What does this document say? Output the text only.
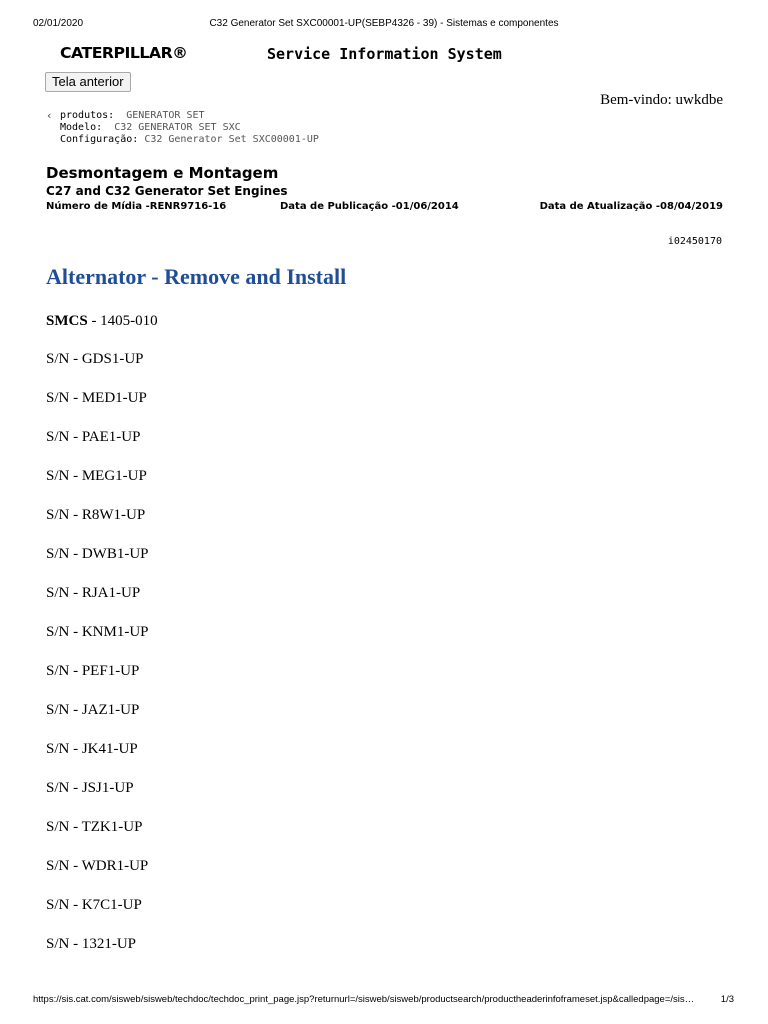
02/01/2020	C32 Generator Set SXC00001-UP(SEBP4326 - 39) - Sistemas e componentes
CATERPILLAR®	Service Information System
Tela anterior
Bem-vindo: uwkdbe
‹ produtos: GENERATOR SET
Modelo: C32 GENERATOR SET SXC
Configuração: C32 Generator Set SXC00001-UP
Desmontagem e Montagem
C27 and C32 Generator Set Engines
Número de Mídia -RENR9716-16	Data de Publicação -01/06/2014	Data de Atualização -08/04/2019
i02450170
Alternator - Remove and Install
SMCS - 1405-010
S/N - GDS1-UP
S/N - MED1-UP
S/N - PAE1-UP
S/N - MEG1-UP
S/N - R8W1-UP
S/N - DWB1-UP
S/N - RJA1-UP
S/N - KNM1-UP
S/N - PEF1-UP
S/N - JAZ1-UP
S/N - JK41-UP
S/N - JSJ1-UP
S/N - TZK1-UP
S/N - WDR1-UP
S/N - K7C1-UP
S/N - 1321-UP
https://sis.cat.com/sisweb/sisweb/techdoc/techdoc_print_page.jsp?returnurl=/sisweb/sisweb/productsearch/productheaderinfoframeset.jsp&calledpage=/sis…	1/3
